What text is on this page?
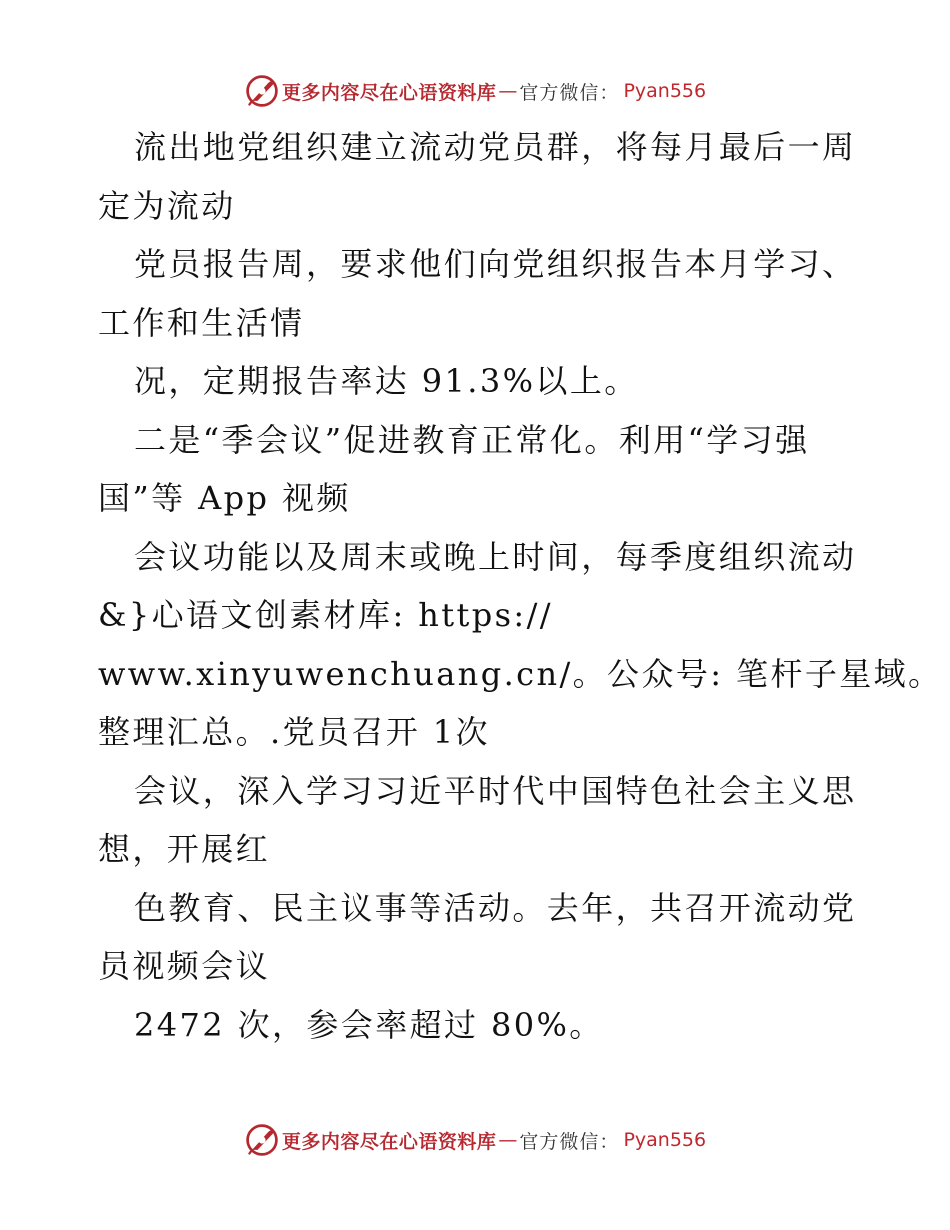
更多内容尽在心语资料库 — 官方微信： Pyan556
流出地党组织建立流动党员群，将每月最后一周
定为流动
党员报告周，要求他们向党组织报告本月学习、
工作和生活情
况，定期报告率达 91.3%以上。
二是“季会议”促进教育正常化。利用“学习强
国”等 App 视频
会议功能以及周末或晚上时间，每季度组织流动
&}心语文创素材库: https://
www.xinyuwenchuang.cn/。公众号: 笔杆子星域。
整理汇总。.党员召开 1次
会议，深入学习习近平时代中国特色社会主义思
想，开展红
色教育、民主议事等活动。去年，共召开流动党
员视频会议
2472 次，参会率超过 80%。
更多内容尽在心语资料库 — 官方微信： Pyan556
